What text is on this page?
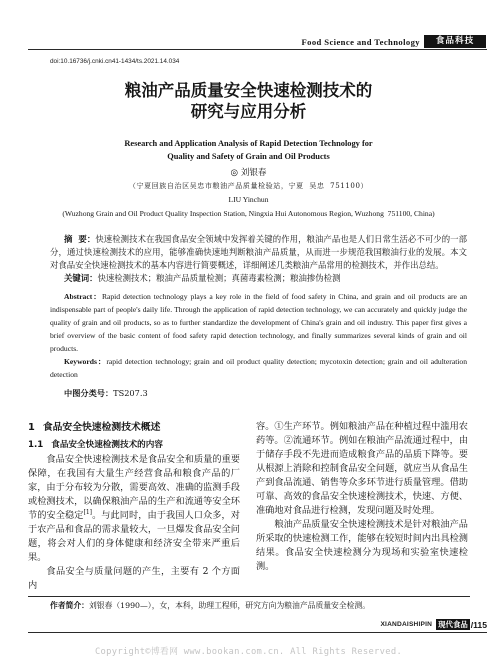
Food Science and Technology	食品科技
doi:10.16736/j.cnki.cn41-1434/ts.2021.14.034
粮油产品质量安全快速检测技术的
研究与应用分析
Research and Application Analysis of Rapid Detection Technology for
Quality and Safety of Grain and Oil Products
◎ 刘银春
（宁夏回族自治区吴忠市粮油产品质量检验站，宁夏  吴忠  751100）
LIU Yinchun
(Wuzhong Grain and Oil Product Quality Inspection Station, Ningxia Hui Autonomous Region, Wuzhong  751100, China)

摘  要：快速检测技术在我国食品安全领域中发挥着关键的作用，粮油产品也是人们日常生活必不可少的一部分，通过快速检测技术的应用，能够准确快速地判断粮油产品质量，从而进一步规范我国粮油行业的发展。本文对食品安全快速检测技术的基本内容进行简要概述，详细阐述几类粮油产品常用的检测技术，并作出总结。

关键词：快速检测技术；粮油产品质量检测；真菌毒素检测；粮油掺伪检测

Abstract：Rapid detection technology plays a key role in the field of food safety in China, and grain and oil products are an indispensable part of people's daily life. Through the application of rapid detection technology, we can accurately and quickly judge the quality of grain and oil products, so as to further standardize the development of China's grain and oil industry. This paper first gives a brief overview of the basic content of food safety rapid detection technology, and finally summarizes several kinds of grain and oil products.

Keywords：rapid detection technology; grain and oil product quality detection; mycotoxin detection; grain and oil adulteration detection

中图分类号：TS207.3

1 食品安全快速检测技术概述
1.1 食品安全快速检测技术的内容

食品安全快速检测技术是食品安全和质量的重要保障，在我国有大量生产经营食品和粮食产品的厂家，由于分布较为分散，需要高效、准确的监测手段或检测技术，以确保粮油产品的生产和流通等安全环节的安全稳定[1]。与此同时，由于我国人口众多，对于农产品和食品的需求量较大，一旦爆发食品安全问题，将会对人们的身体健康和经济安全带来严重后果。

食品安全与质量问题的产生，主要有 2 个方面内

容。①生产环节。例如粮油产品在种植过程中滥用农药等。②流通环节。例如在粮油产品流通过程中，由于储存手段不先进而造成粮食产品的品质下降等。要从根源上消除和控制食品安全问题，就应当从食品生产到食品流通、销售等众多环节进行质量管理。借助可靠、高效的食品安全快速检测技术，快速、方便、准确地对食品进行检测，发现问题及时处理。

粮油产品质量安全快速检测技术是针对粮油产品所采取的快速检测工作，能够在较短时间内出具检测结果。食品安全快速检测分为现场和实验室快速检测。

作者简介：刘银春（1990—），女，本科，助理工程师，研究方向为粮油产品质量安全检测。
XIANDAISHIPIN 现代食品 /115
Copyright©博看网 www.bookan.com.cn. All Rights Reserved.
